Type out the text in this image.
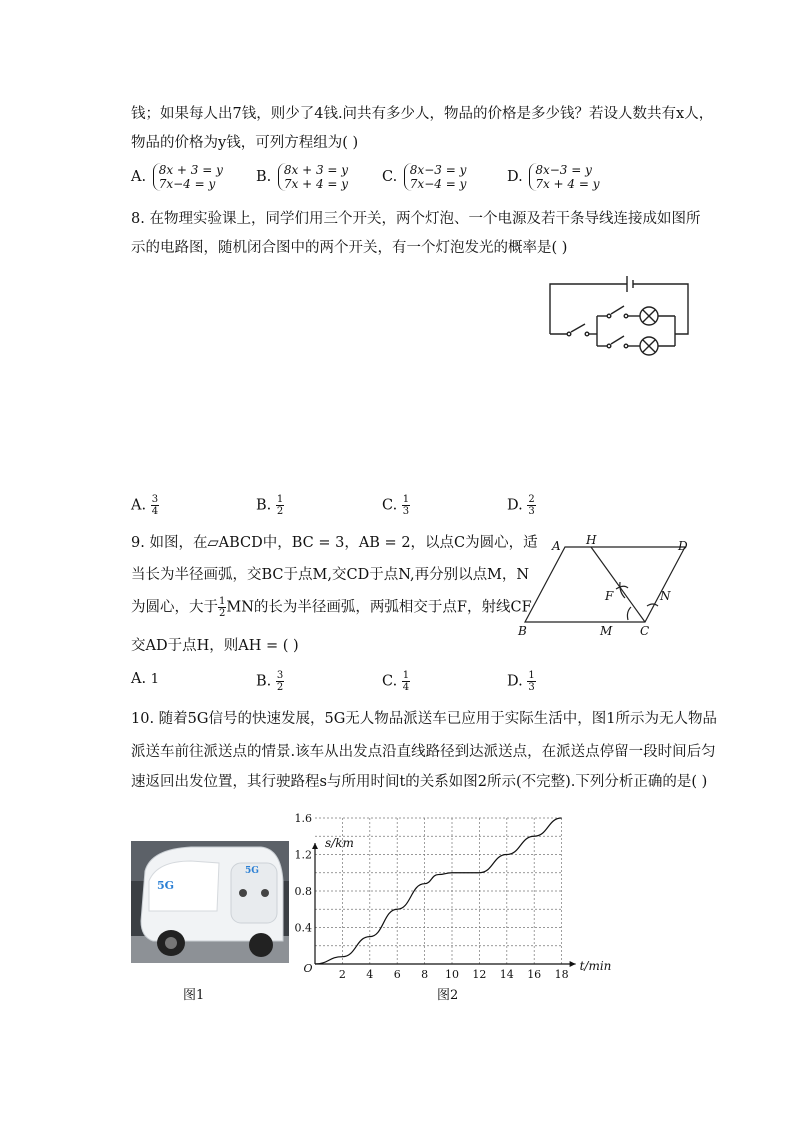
钱；如果每人出7钱，则少了4钱.问共有多少人，物品的价格是多少钱？若设人数共有x人，
物品的价格为y钱，可列方程组为( )
A. 8x + 3 = y
7x−4 = y	B. 8x + 3 = y
7x + 4 = y C. 8x−3 = y
7x−4 = y	D. 8x−3 = y
7x + 4 = y
8. 在物理实验课上，同学们用三个开关，两个灯泡、一个电源及若干条导线连接成如图所
示的电路图，随机闭合图中的两个开关，有一个灯泡发光的概率是( )
A. $\frac{3}{4}$	B. $\frac{1}{2}$	C. $\frac{1}{3}$	D. $\frac{2}{3}$
9. 如图，在▱ABCD中，BC = 3，AB = 2，以点C为圆心，适
当长为半径画弧，交BC于点M,交CD于点N,再分别以点M，N
为圆心，大于 $\frac{1}{2}$ MN的长为半径画弧，两弧相交于点F，射线CF
交AD于点H，则AH = ( )
A H	D
F	N
B	M C
A. 1	B. $\frac{3}{2}$	C. $\frac{1}{4}$	D. $\frac{1}{3}$
10. 随着5G信号的快速发展，5G无人物品派送车已应用于实际生活中，图1所示为无人物品
派送车前往派送点的情景.该车从出发点沿直线路径到达派送点，在派送点停留一段时间后匀
速返回出发位置，其行驶路程s与所用时间t的关系如图2所示(不完整).下列分析正确的是( )
5G
5G
图1
2 4 6 8 10 12 14 16 18
0.4
0.8
1.2
1.6
O	t/min
s/km
图2
